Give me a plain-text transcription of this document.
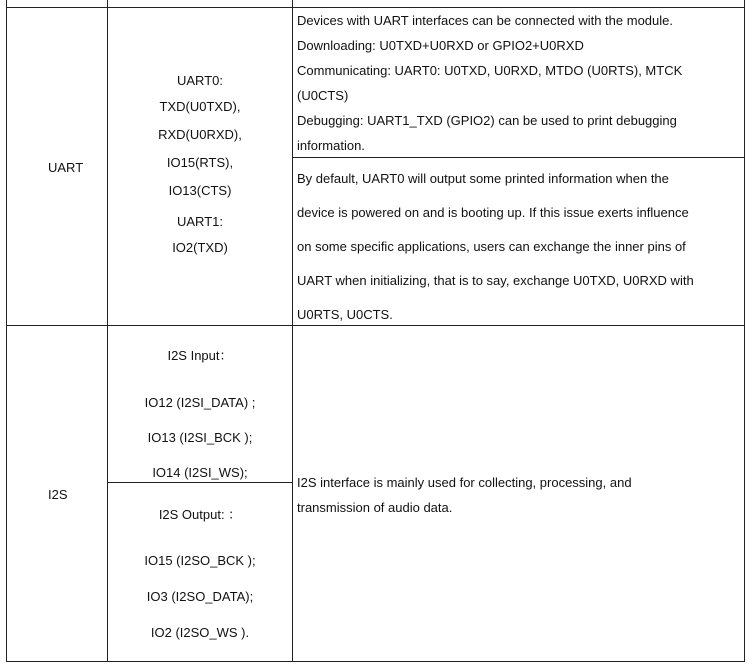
UART
UART0:
TXD(U0TXD),
RXD(U0RXD),
IO15(RTS),
IO13(CTS)
UART1:
IO2(TXD)
Devices with UART interfaces can be connected with the module.
Downloading: U0TXD+U0RXD or GPIO2+U0RXD
Communicating: UART0: U0TXD, U0RXD, MTDO (U0RTS), MTCK
(U0CTS)
Debugging: UART1_TXD (GPIO2) can be used to print debugging
information.
By default, UART0 will output some printed information when the
device is powered on and is booting up. If this issue exerts influence
on some specific applications, users can exchange the inner pins of
UART when initializing, that is to say, exchange U0TXD, U0RXD with
U0RTS, U0CTS.
I2S
I2S Input：
IO12 (I2SI_DATA) ;
IO13 (I2SI_BCK );
IO14 (I2SI_WS);
I2S Output: ：
IO15 (I2SO_BCK );
IO3 (I2SO_DATA);
IO2 (I2SO_WS ).
I2S interface is mainly used for collecting, processing, and
transmission of audio data.
